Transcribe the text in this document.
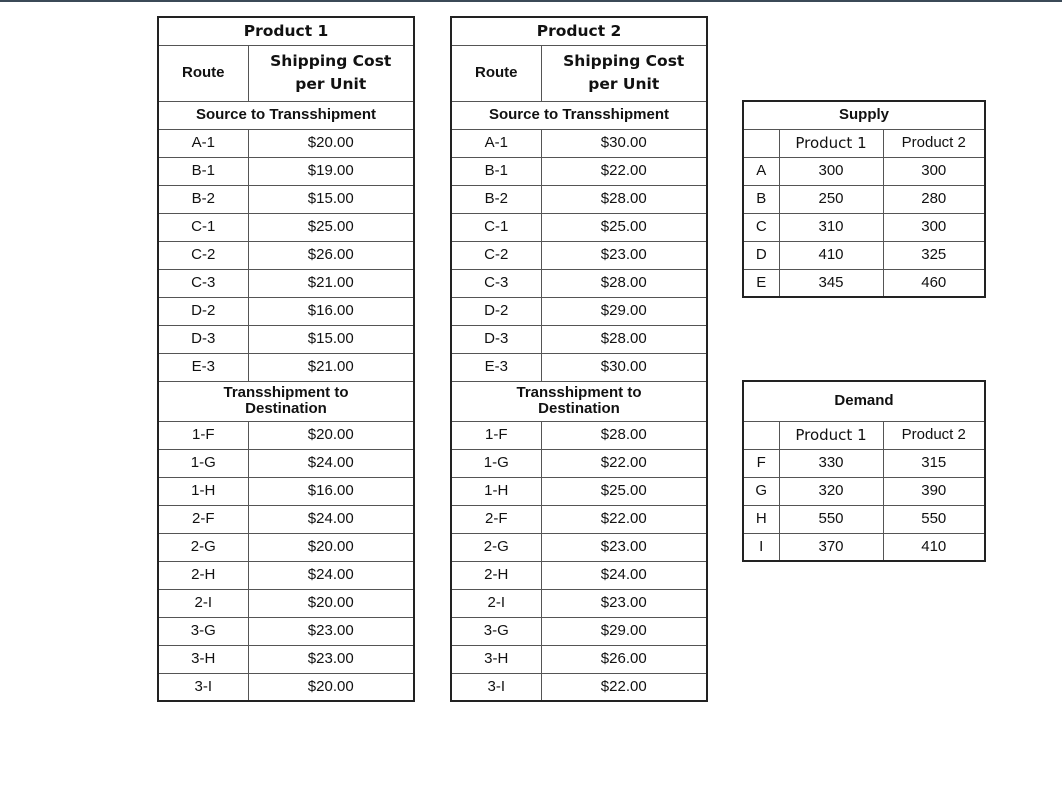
Product 1	
Route	Shipping Cost
per Unit

Source to Transshipment	
A-1	$20.00
B-1	$19.00
B-2	$15.00
C-1	$25.00
C-2	$26.00
C-3	$21.00
D-2	$16.00
D-3	$15.00
E-3	$21.00

Transshipment to
Destination	

1-F	$20.00
1-G	$24.00
1-H	$16.00
2-F	$24.00
2-G	$20.00
2-H	$24.00
2-I	$20.00
3-G	$23.00
3-H	$23.00
3-I	$20.00
Product 2	
Route	Shipping Cost
per Unit

Source to Transshipment	
A-1	$30.00
B-1	$22.00
B-2	$28.00
C-1	$25.00
C-2	$23.00
C-3	$28.00
D-2	$29.00
D-3	$28.00
E-3	$30.00

Transshipment to
Destination	

1-F	$28.00
1-G	$22.00
1-H	$25.00
2-F	$22.00
2-G	$23.00
2-H	$24.00
2-I	$23.00
3-G	$29.00
3-H	$26.00
3-I	$22.00
Supply		
	Product 1	Product 2
A	300	300
B	250	280
C	310	300
D	410	325
E	345	460
Demand		
	Product 1	Product 2
F	330	315
G	320	390
H	550	550
I	370	410
